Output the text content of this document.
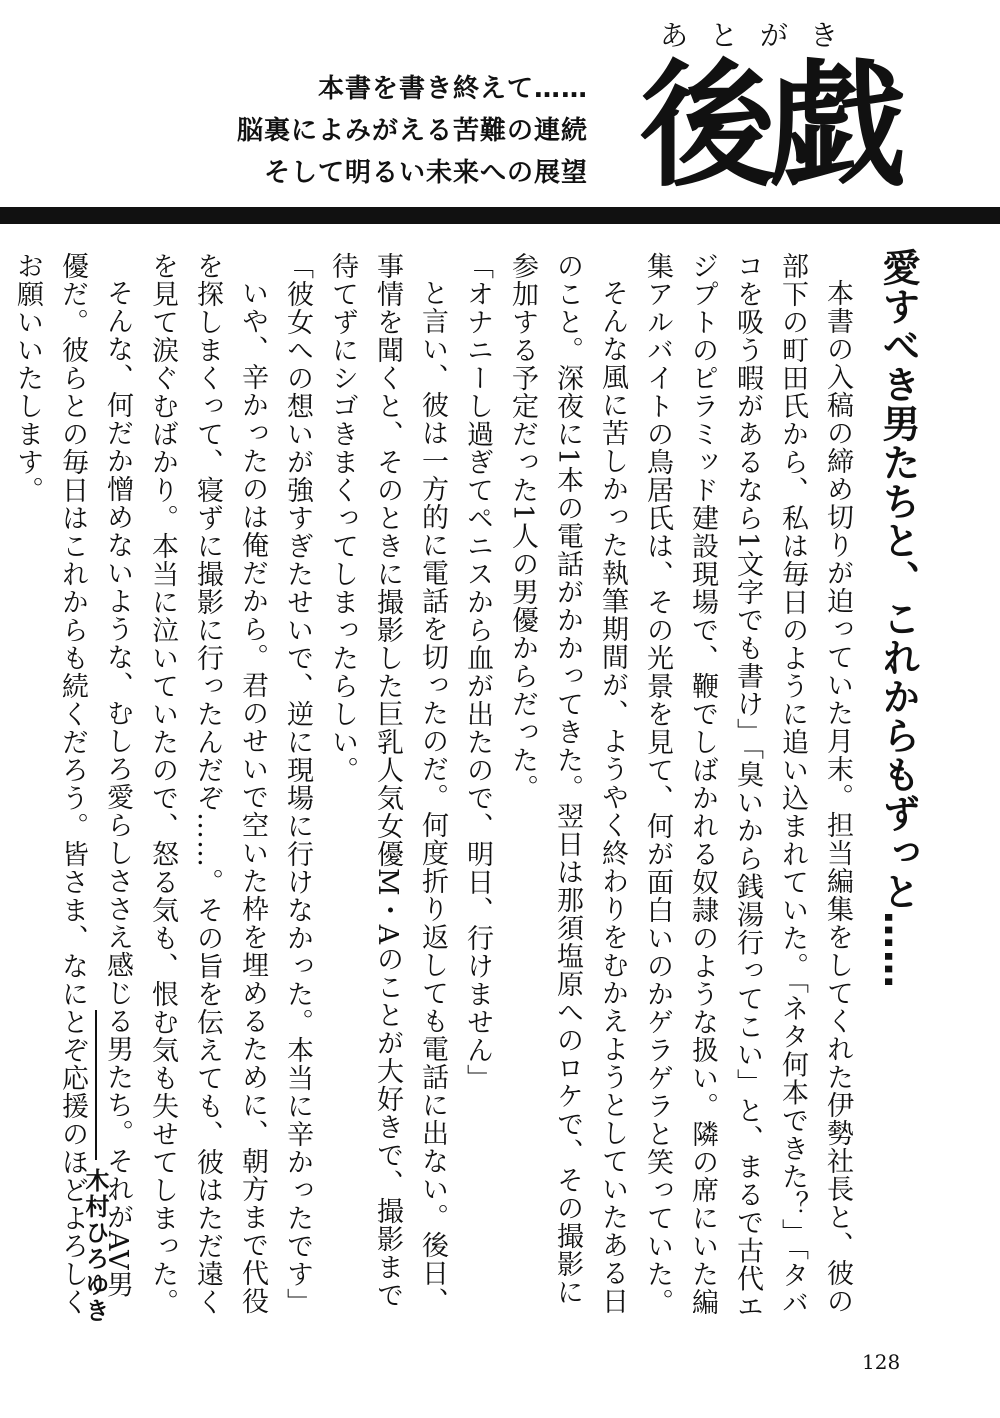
本書を書き終えて……
脳裏によみがえる苦難の連続
そして明るい未来への展望
あとがき
後戯
愛すべき男たちと、これからもずっと……

本書の入稿の締め切りが迫っていた月末。担当編集をしてくれた伊勢社長と、彼の部下の町田氏から、私は毎日のように追い込まれていた。「ネタ何本できた？」「タバコを吸う暇があるなら1文字でも書け」「臭いから銭湯行ってこい」と、まるで古代エジプトのピラミッド建設現場で、鞭でしばかれる奴隷のような扱い。隣の席にいた編集アルバイトの鳥居氏は、その光景を見て、何が面白いのかゲラゲラと笑っていた。

そんな風に苦しかった執筆期間が、ようやく終わりをむかえようとしていたある日のこと。深夜に1本の電話がかかってきた。翌日は那須塩原へのロケで、その撮影に参加する予定だった1人の男優からだった。

「オナニーし過ぎてペニスから血が出たので、明日、行けません」

と言い、彼は一方的に電話を切ったのだ。何度折り返しても電話に出ない。後日、事情を聞くと、そのときに撮影した巨乳人気女優M・Aのことが大好きで、撮影まで待てずにシゴきまくってしまったらしい。

「彼女への想いが強すぎたせいで、逆に現場に行けなかった。本当に辛かったです」

いや、辛かったのは俺だから。君のせいで空いた枠を埋めるために、朝方まで代役を探しまくって、寝ずに撮影に行ったんだぞ……。その旨を伝えても、彼はただ遠くを見て涙ぐむばかり。本当に泣いていたので、怒る気も、恨む気も失せてしまった。

そんな、何だか憎めないような、むしろ愛らしささえ感じる男たち。それがAV男優だ。彼らとの毎日はこれからも続くだろう。皆さま、なにとぞ応援のほどよろしくお願いいたします。

木村ひろゆき
128
